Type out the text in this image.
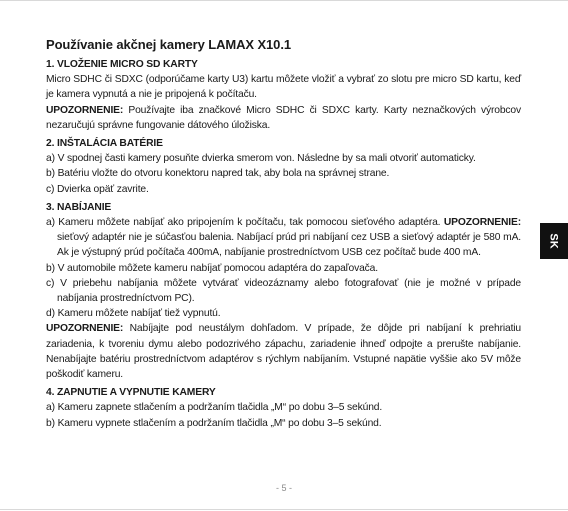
Používanie akčnej kamery LAMAX X10.1
1. VLOŽENIE MICRO SD KARTY

Micro SDHC či SDXC (odporúčame karty U3) kartu môžete vložiť a vybrať zo slotu pre micro SD kartu, keď je kamera vypnutá a nie je pripojená k počítaču.

UPOZORNENIE: Používajte iba značkové Micro SDHC či SDXC karty. Karty neznačkových výrobcov nezaručujú správne fungovanie dátového úložiska.

2. INŠTALÁCIA BATÉRIE

a) V spodnej časti kamery posuňte dvierka smerom von. Následne by sa mali otvoriť automaticky.

b) Batériu vložte do otvoru konektoru napred tak, aby bola na správnej strane.

c) Dvierka opäť zavrite.

3. NABÍJANIE

a) Kameru môžete nabíjať ako pripojením k počítaču, tak pomocou sieťového adaptéra. UPOZORNENIE: sieťový adaptér nie je súčasťou balenia. Nabíjací prúd pri nabíjaní cez USB a sieťový adaptér je 580 mA. Ak je výstupný prúd počítača 400mA, nabíjanie prostredníctvom USB cez počítač bude 400 mA.

b) V automobile môžete kameru nabíjať pomocou adaptéra do zapaľovača.

c) V priebehu nabíjania môžete vytvárať videozáznamy alebo fotografovať (nie je možné v prípade nabíjania prostredníctvom PC).

d) Kameru môžete nabíjať tiež vypnutú.

UPOZORNENIE: Nabíjajte pod neustálym dohľadom. V prípade, že dôjde pri nabíjaní k prehriatiu zariadenia, k tvoreniu dymu alebo podozrivého zápachu, zariadenie ihneď odpojte a prerušte nabíjanie. Nenabíjajte batériu prostredníctvom adaptérov s rýchlym nabíjaním. Vstupné napätie vyššie ako 5V môže poškodiť kameru.

4. ZAPNUTIE A VYPNUTIE KAMERY

a) Kameru zapnete stlačením a podržaním tlačidla „M“ po dobu 3–5 sekúnd.

b) Kameru vypnete stlačením a podržaním tlačidla „M“ po dobu 3–5 sekúnd.

SK
- 5 -
